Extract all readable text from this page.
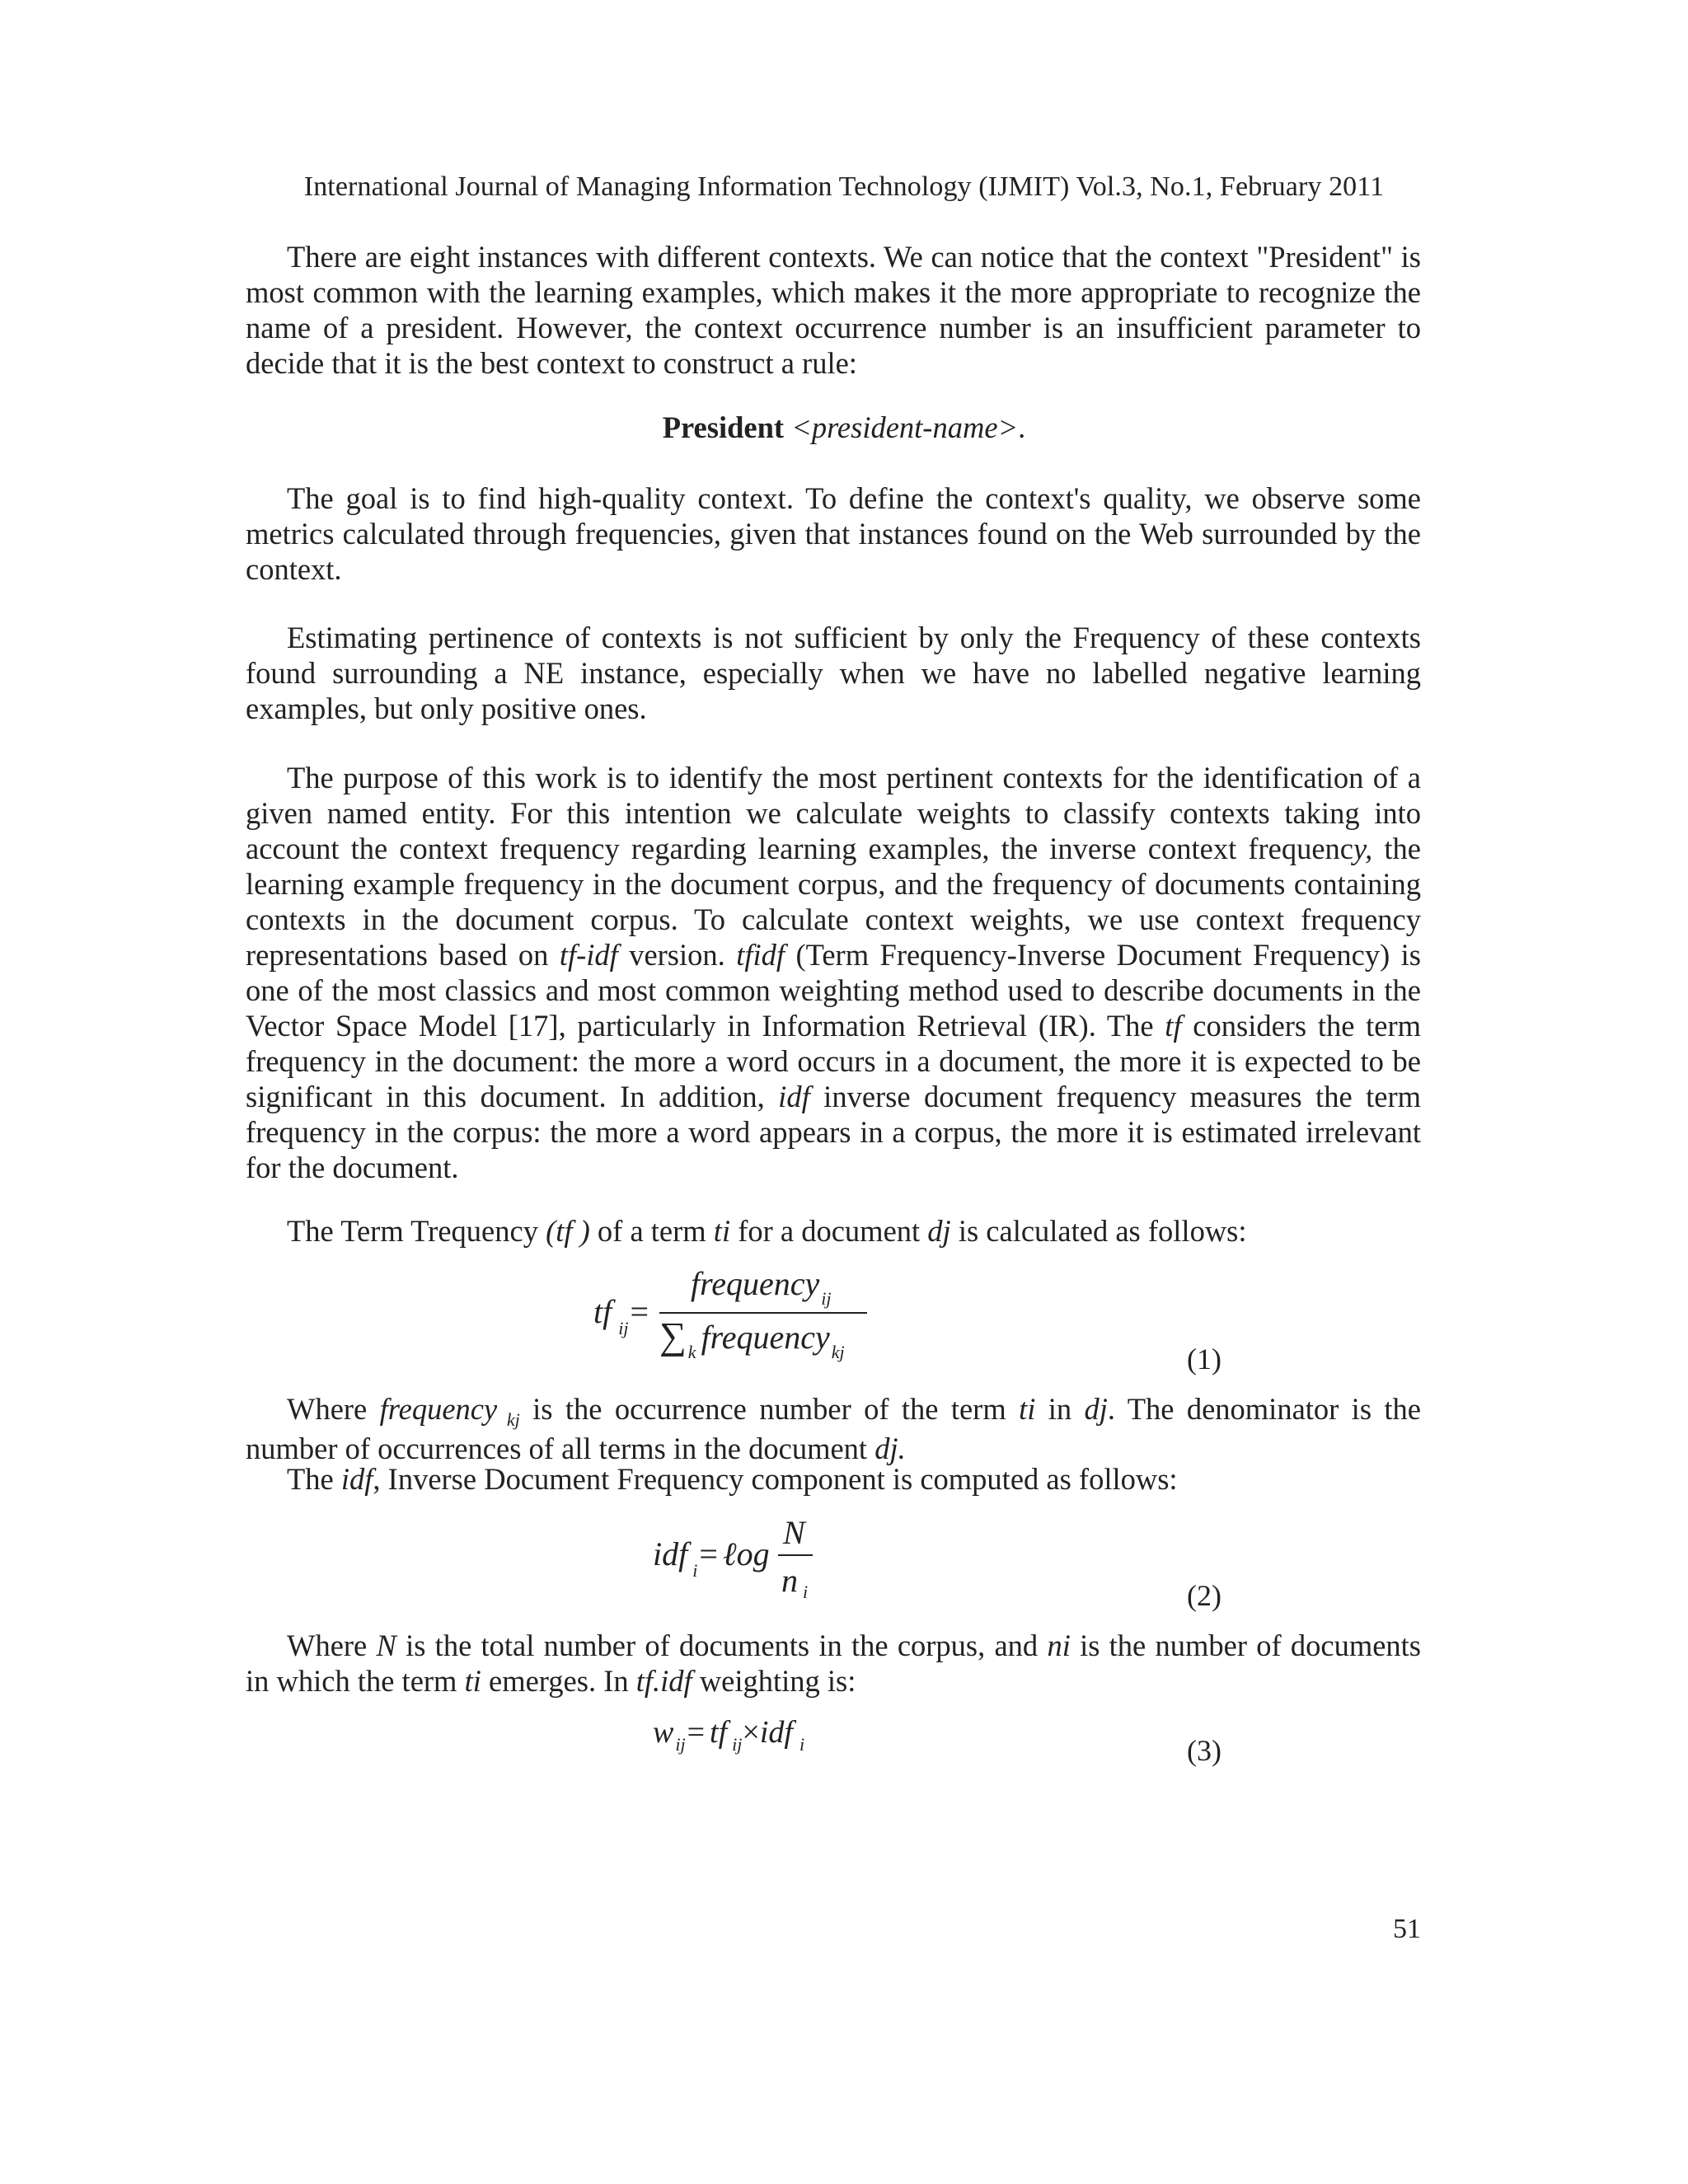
International Journal of Managing Information Technology (IJMIT) Vol.3, No.1, February 2011

There are eight instances with different contexts. We can notice that the context "President" is most common with the learning examples, which makes it the more appropriate to recognize the name of a president. However, the context occurrence number is an insufficient parameter to decide that it is the best context to construct a rule:

President <president-name>.

The goal is to find high-quality context. To define the context's quality, we observe some metrics calculated through frequencies, given that instances found on the Web surrounded by the context.

Estimating pertinence of contexts is not sufficient by only the Frequency of these contexts found surrounding a NE instance, especially when we have no labelled negative learning examples, but only positive ones.

The purpose of this work is to identify the most pertinent contexts for the identification of a given named entity. For this intention we calculate weights to classify contexts taking into account the context frequency regarding learning examples, the inverse context frequency, the learning example frequency in the document corpus, and the frequency of documents containing contexts in the document corpus. To calculate context weights, we use context frequency representations based on tf-idf version. tfidf (Term Frequency-Inverse Document Frequency) is one of the most classics and most common weighting method used to describe documents in the Vector Space Model [17], particularly in Information Retrieval (IR). The tf considers the term frequency in the document: the more a word occurs in a document, the more it is expected to be significant in this document. In addition, idf inverse document frequency measures the term frequency in the corpus: the more a word appears in a corpus, the more it is estimated irrelevant for the document.

The Term Trequency (tf ) of a term ti for a document dj is calculated as follows:

tf $_{ij}$=
frequency$_{ij}$
$\sum_k$ frequency$_{kj}$	(1)

Where frequency $_{kj}$ is the occurrence number of the term ti in dj. The denominator is the number of occurrences of all terms in the document dj.

The idf, Inverse Document Frequency component is computed as follows:

idf $_i$= ℓog
N
n $_i$	(2)

Where N is the total number of documents in the corpus, and ni is the number of documents in which the term ti emerges. In tf.idf weighting is:

$w_{ij}=$ tf $_{ij}$×idf $_i$	(3)
51
